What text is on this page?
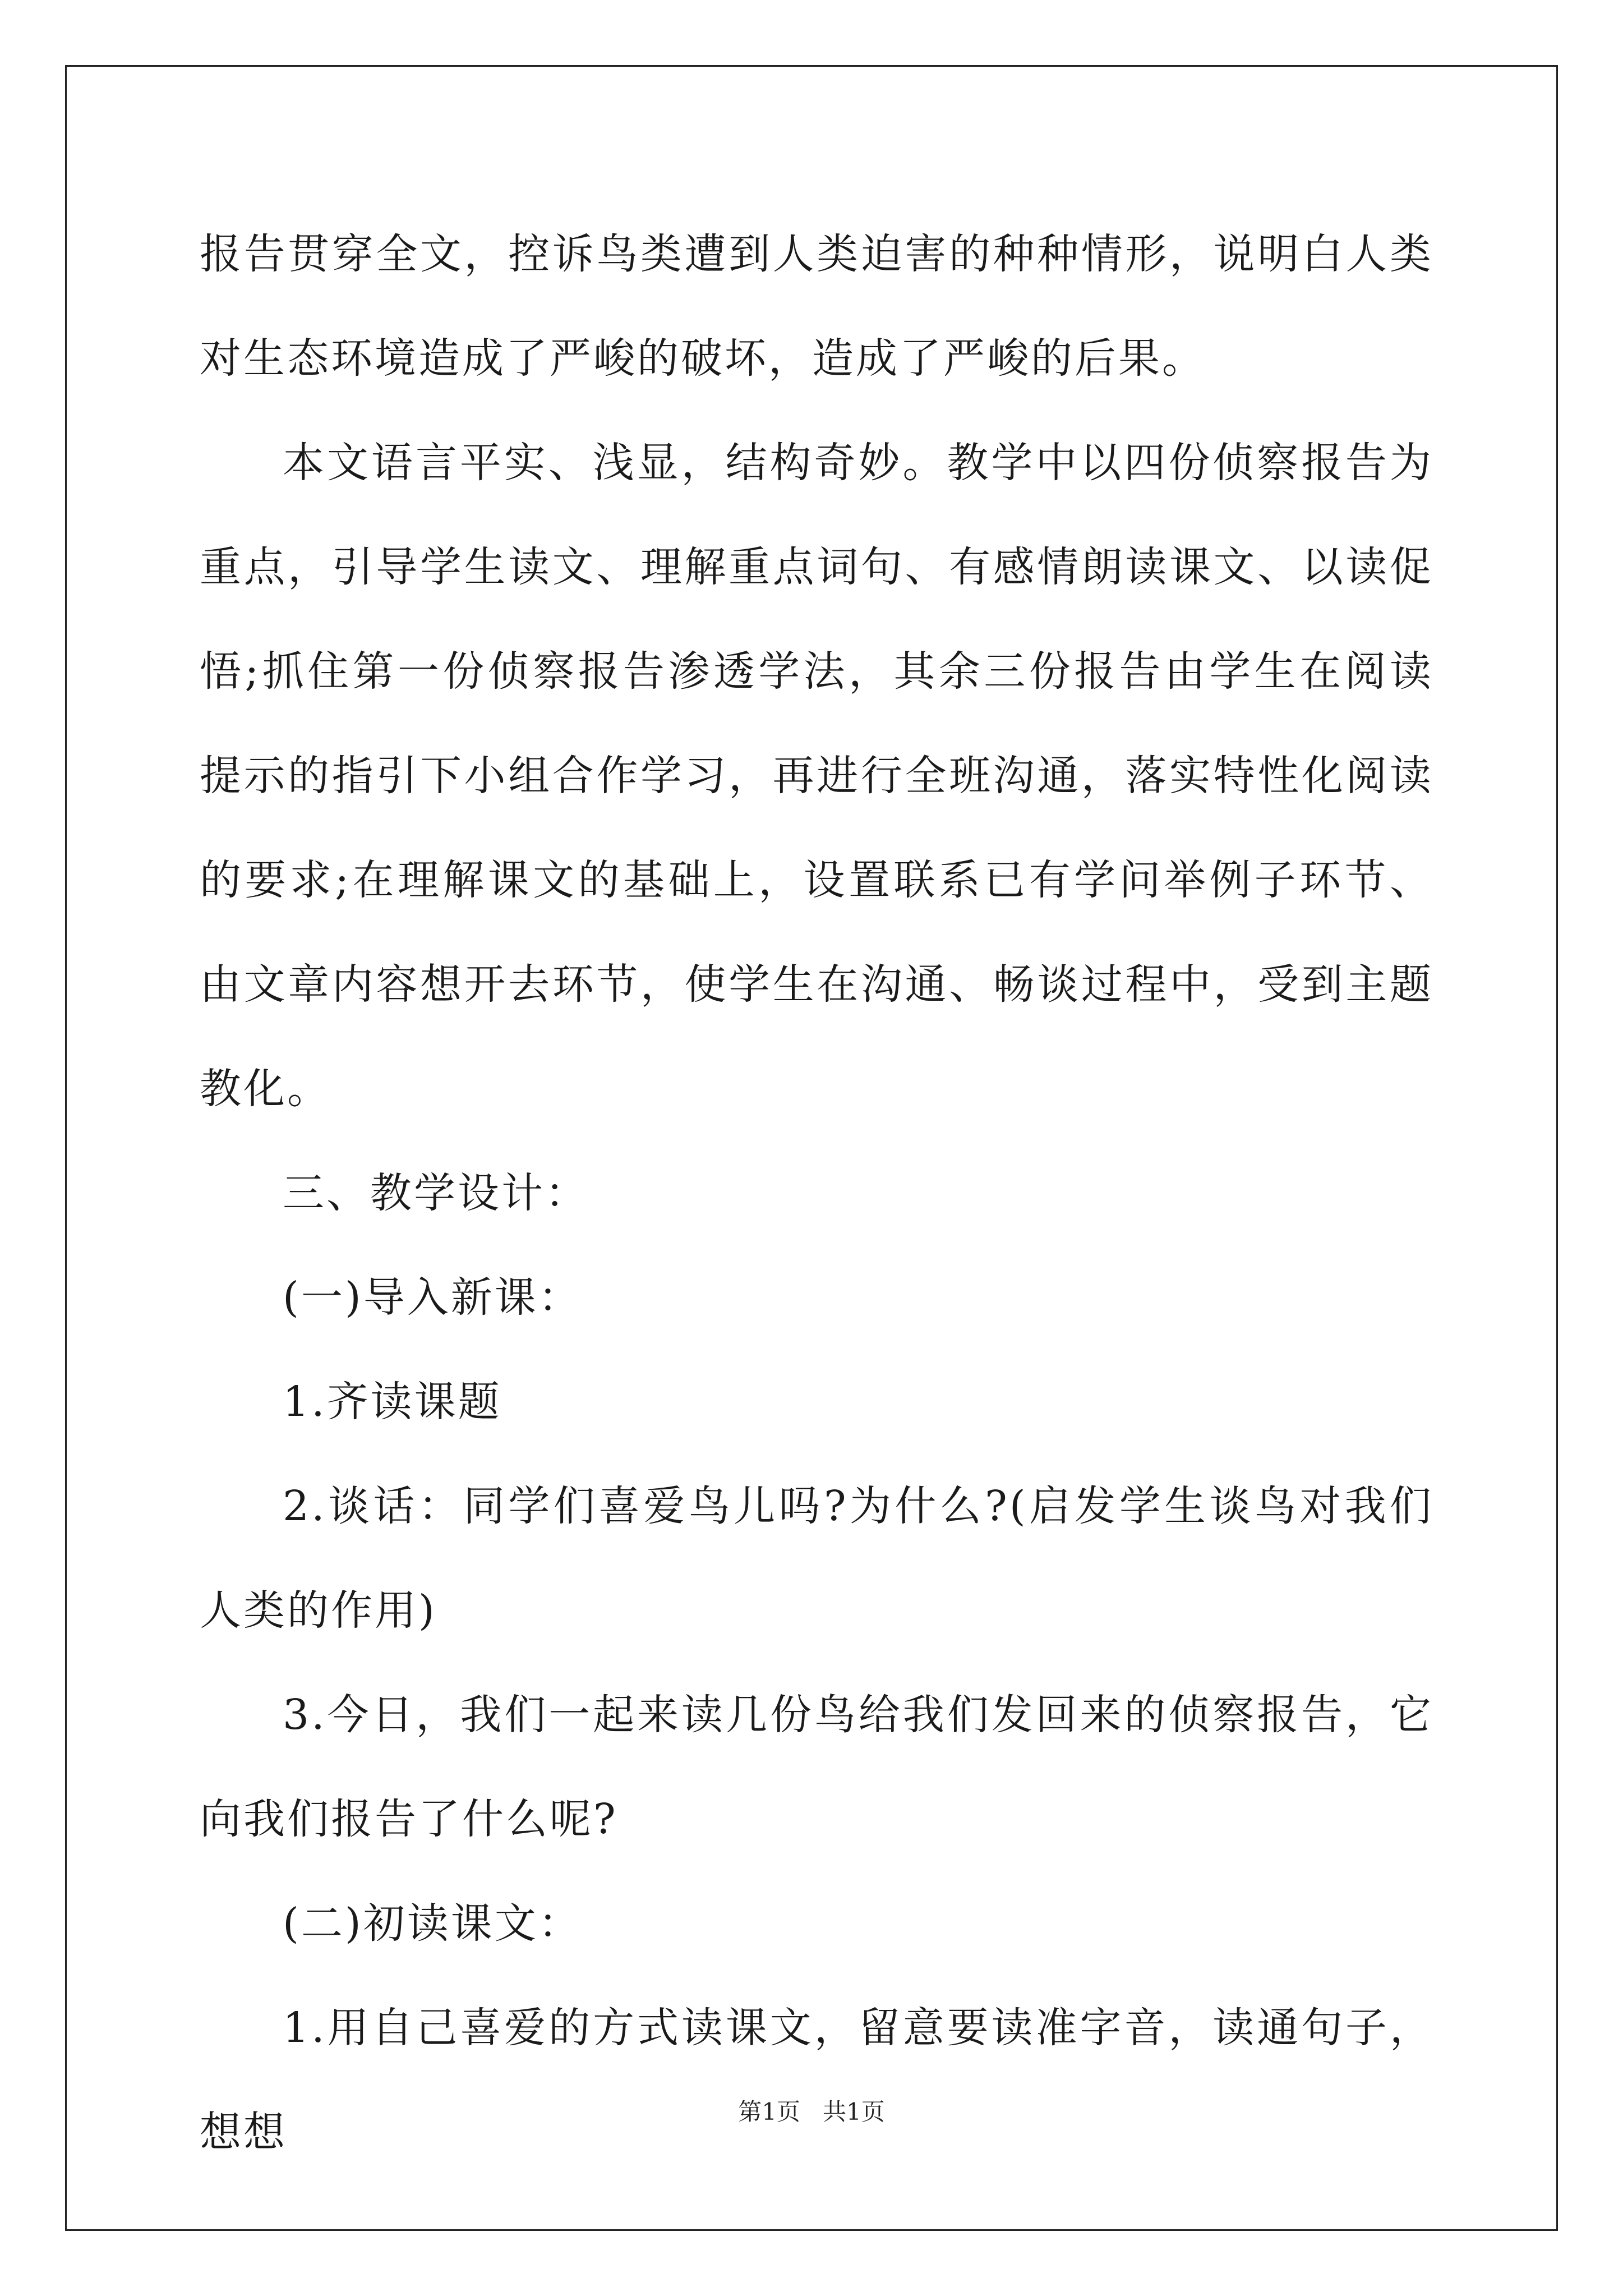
报告贯穿全文，控诉鸟类遭到人类迫害的种种情形，说明白人类对生态环境造成了严峻的破坏，造成了严峻的后果。

本文语言平实、浅显，结构奇妙。教学中以四份侦察报告为重点，引导学生读文、理解重点词句、有感情朗读课文、以读促悟;抓住第一份侦察报告渗透学法，其余三份报告由学生在阅读提示的指引下小组合作学习，再进行全班沟通，落实特性化阅读的要求;在理解课文的基础上，设置联系已有学问举例子环节、由文章内容想开去环节，使学生在沟通、畅谈过程中，受到主题教化。

三、教学设计：

(一)导入新课：

1.齐读课题

2.谈话：同学们喜爱鸟儿吗?为什么?(启发学生谈鸟对我们人类的作用)

3.今日，我们一起来读几份鸟给我们发回来的侦察报告，它向我们报告了什么呢?

(二)初读课文：

1.用自己喜爱的方式读课文，留意要读准字音，读通句子，想想	第1页 共1页
